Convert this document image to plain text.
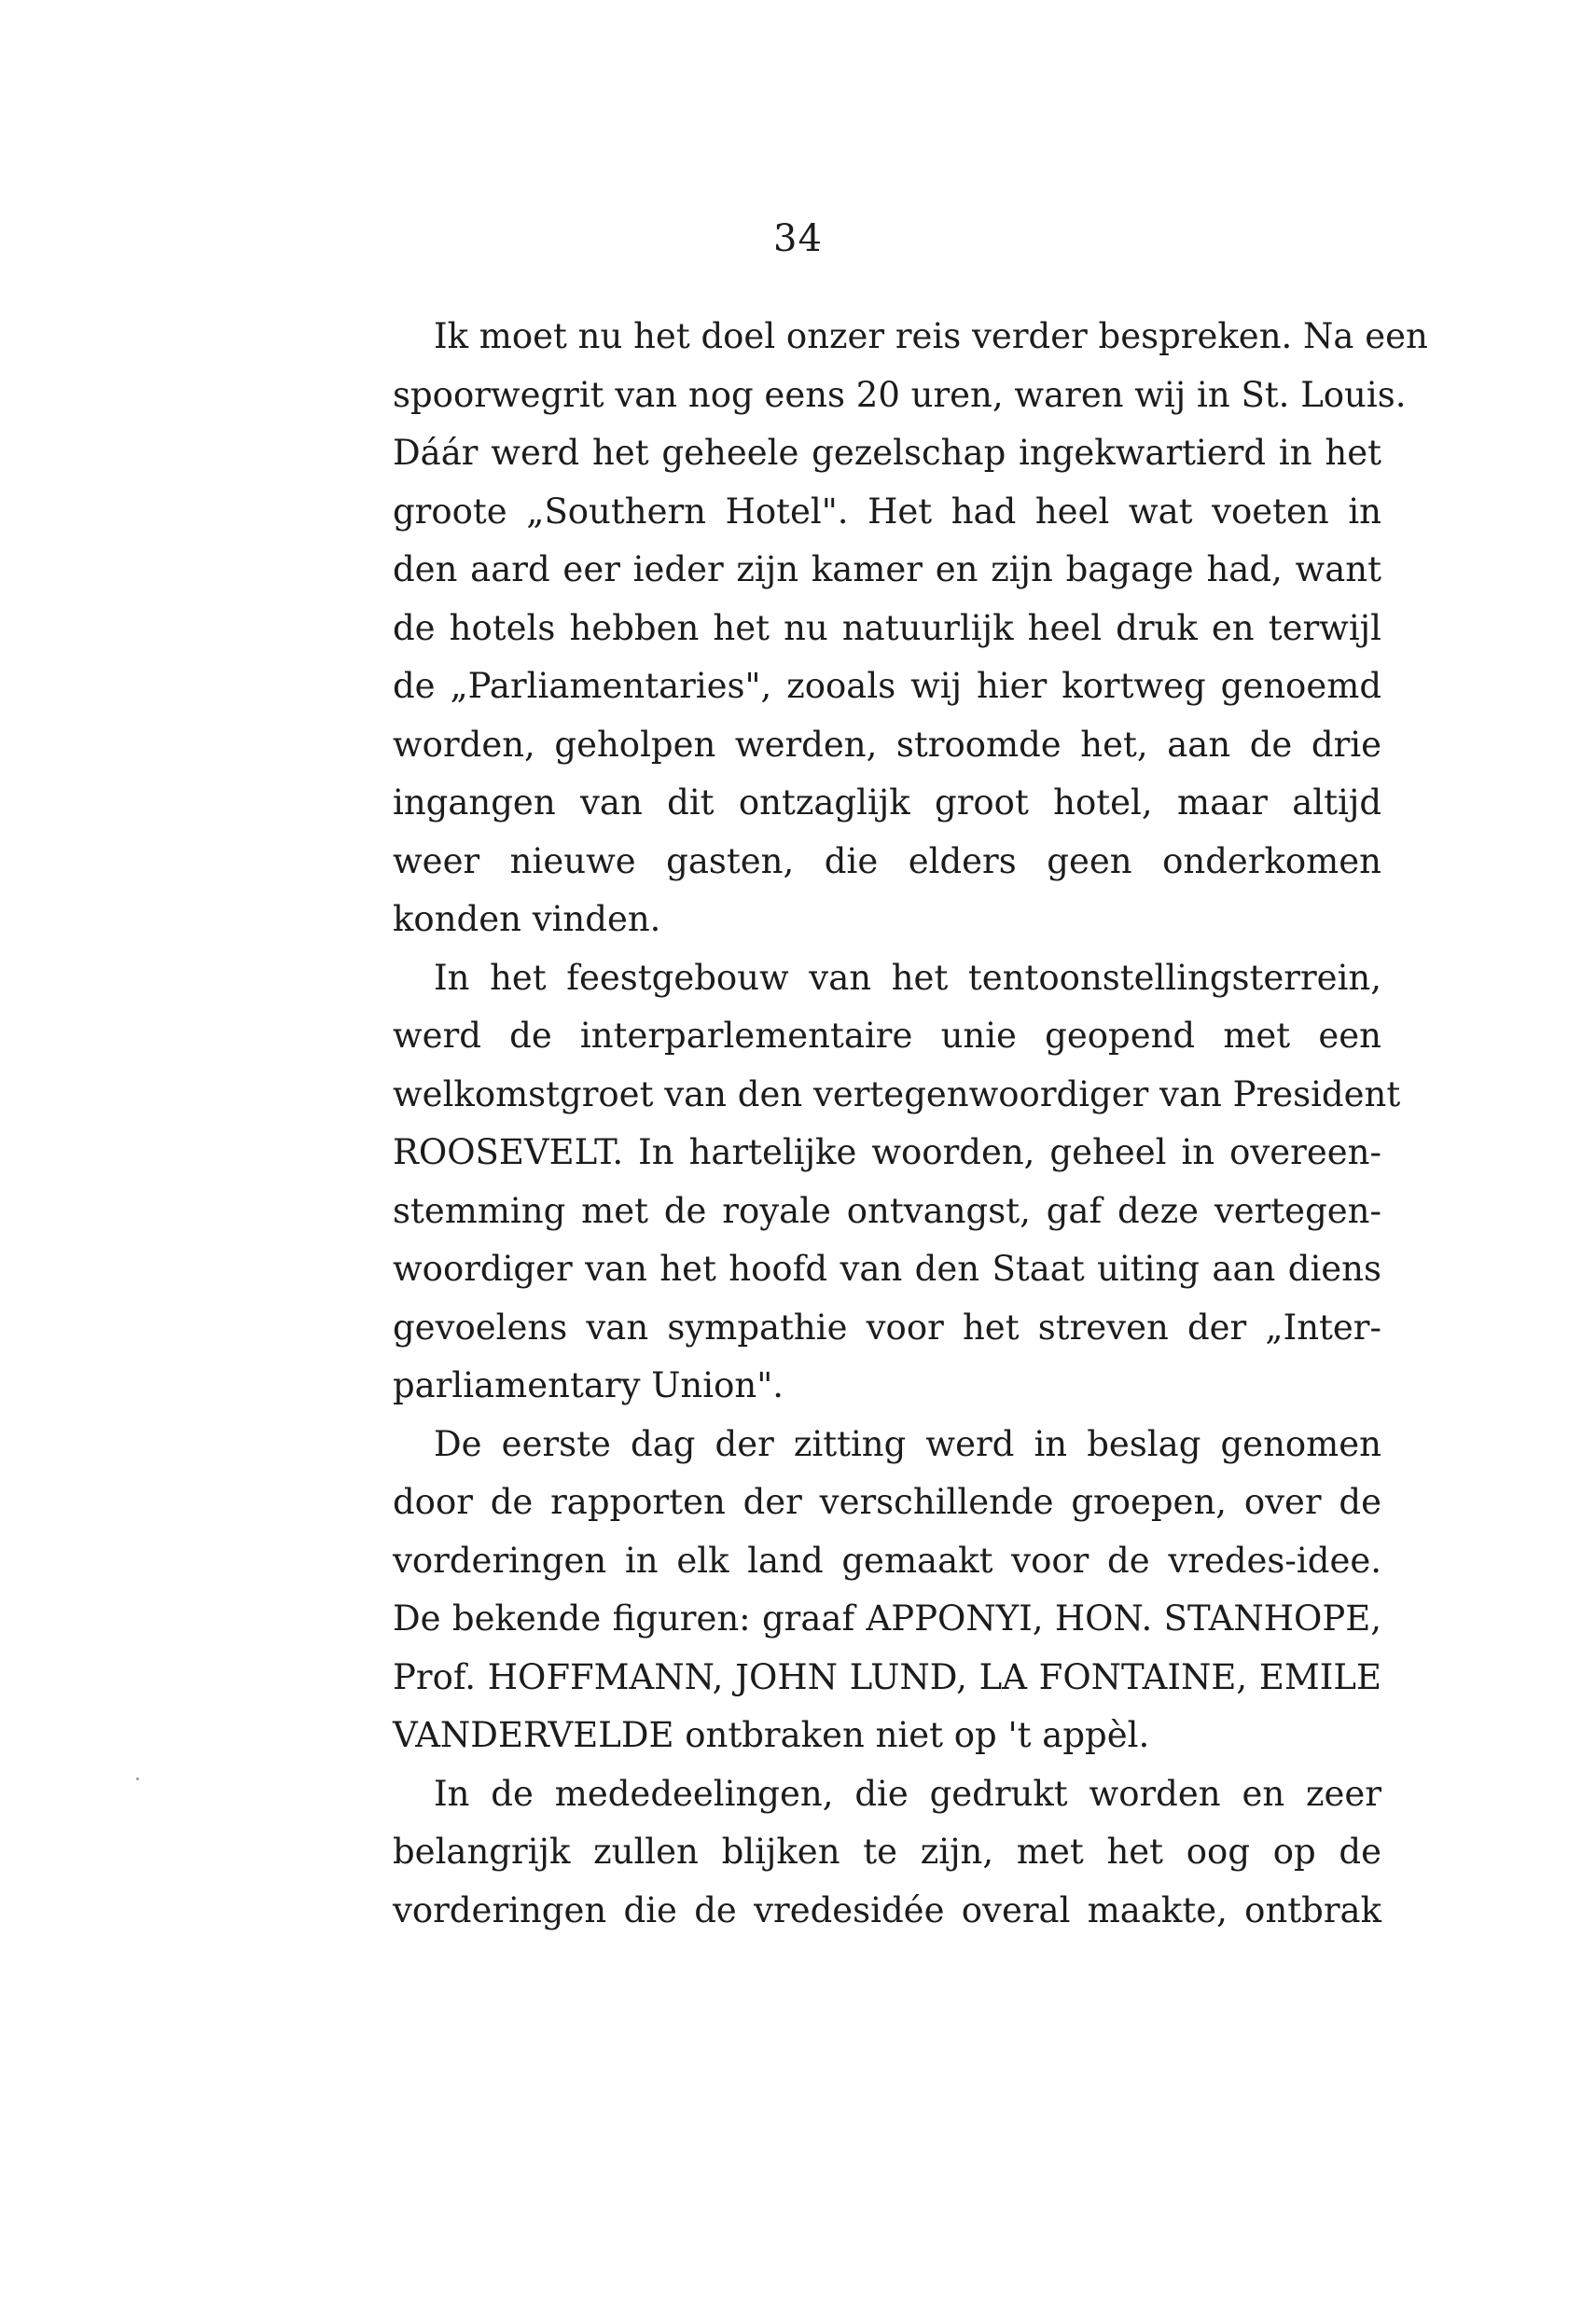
34
Ik moet nu het doel onzer reis verder bespreken. Na een
spoorwegrit van nog eens 20 uren, waren wij in St. Louis.
Dáár werd het geheele gezelschap ingekwartierd in het
groote „Southern Hotel". Het had heel wat voeten in
den aard eer ieder zijn kamer en zijn bagage had, want
de hotels hebben het nu natuurlijk heel druk en terwijl
de „Parliamentaries", zooals wij hier kortweg genoemd
worden, geholpen werden, stroomde het, aan de drie
ingangen van dit ontzaglijk groot hotel, maar altijd
weer nieuwe gasten, die elders geen onderkomen
konden vinden.
In het feestgebouw van het tentoonstellingsterrein,
werd de interparlementaire unie geopend met een
welkomstgroet van den vertegenwoordiger van President
ROOSEVELT. In hartelijke woorden, geheel in overeen-
stemming met de royale ontvangst, gaf deze vertegen-
woordiger van het hoofd van den Staat uiting aan diens
gevoelens van sympathie voor het streven der „Inter-
parliamentary Union".
De eerste dag der zitting werd in beslag genomen
door de rapporten der verschillende groepen, over de
vorderingen in elk land gemaakt voor de vredes-idee.
De bekende figuren: graaf APPONYI, HON. STANHOPE,
Prof. HOFFMANN, JOHN LUND, LA FONTAINE, EMILE
VANDERVELDE ontbraken niet op 't appèl.
In de mededeelingen, die gedrukt worden en zeer
belangrijk zullen blijken te zijn, met het oog op de
vorderingen die de vredesidée overal maakte, ontbrak
